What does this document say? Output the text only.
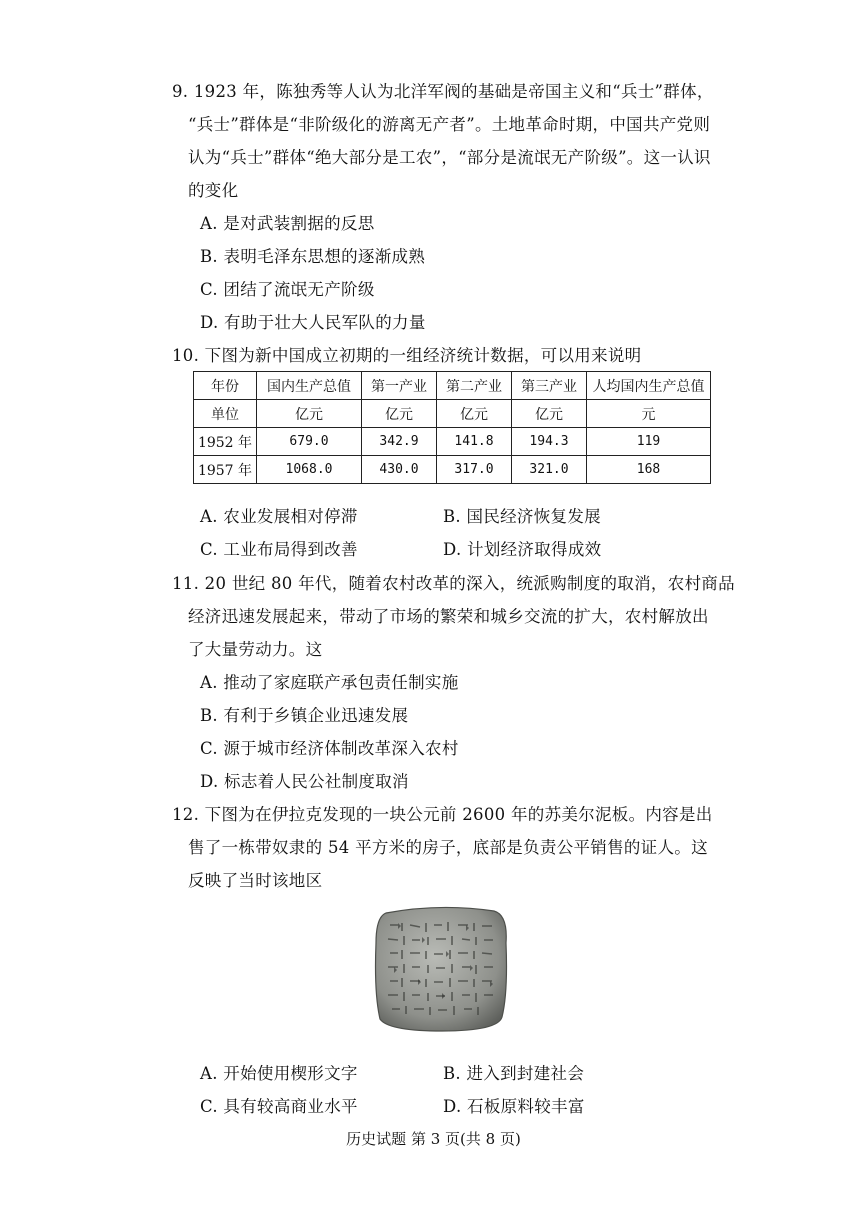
9. 1923 年，陈独秀等人认为北洋军阀的基础是帝国主义和“兵士”群体，
“兵士”群体是“非阶级化的游离无产者”。土地革命时期，中国共产党则
认为“兵士”群体“绝大部分是工农”，“部分是流氓无产阶级”。这一认识
的变化
A. 是对武装割据的反思
B. 表明毛泽东思想的逐渐成熟
C. 团结了流氓无产阶级
D. 有助于壮大人民军队的力量
10. 下图为新中国成立初期的一组经济统计数据，可以用来说明
年份	国内生产总值	第一产业	第二产业	第三产业	人均国内生产总值
单位	亿元	亿元	亿元	亿元	元
1952 年	679.0	342.9	141.8	194.3	119
1957 年	1068.0	430.0	317.0	321.0	168
A. 农业发展相对停滞	B. 国民经济恢复发展
C. 工业布局得到改善	D. 计划经济取得成效
11. 20 世纪 80 年代，随着农村改革的深入，统派购制度的取消，农村商品
经济迅速发展起来，带动了市场的繁荣和城乡交流的扩大，农村解放出
了大量劳动力。这
A. 推动了家庭联产承包责任制实施
B. 有利于乡镇企业迅速发展
C. 源于城市经济体制改革深入农村
D. 标志着人民公社制度取消
12. 下图为在伊拉克发现的一块公元前 2600 年的苏美尔泥板。内容是出
售了一栋带奴隶的 54 平方米的房子，底部是负责公平销售的证人。这
反映了当时该地区
A. 开始使用楔形文字	B. 进入到封建社会
C. 具有较高商业水平	D. 石板原料较丰富
历史试题 第 3 页(共 8 页)
